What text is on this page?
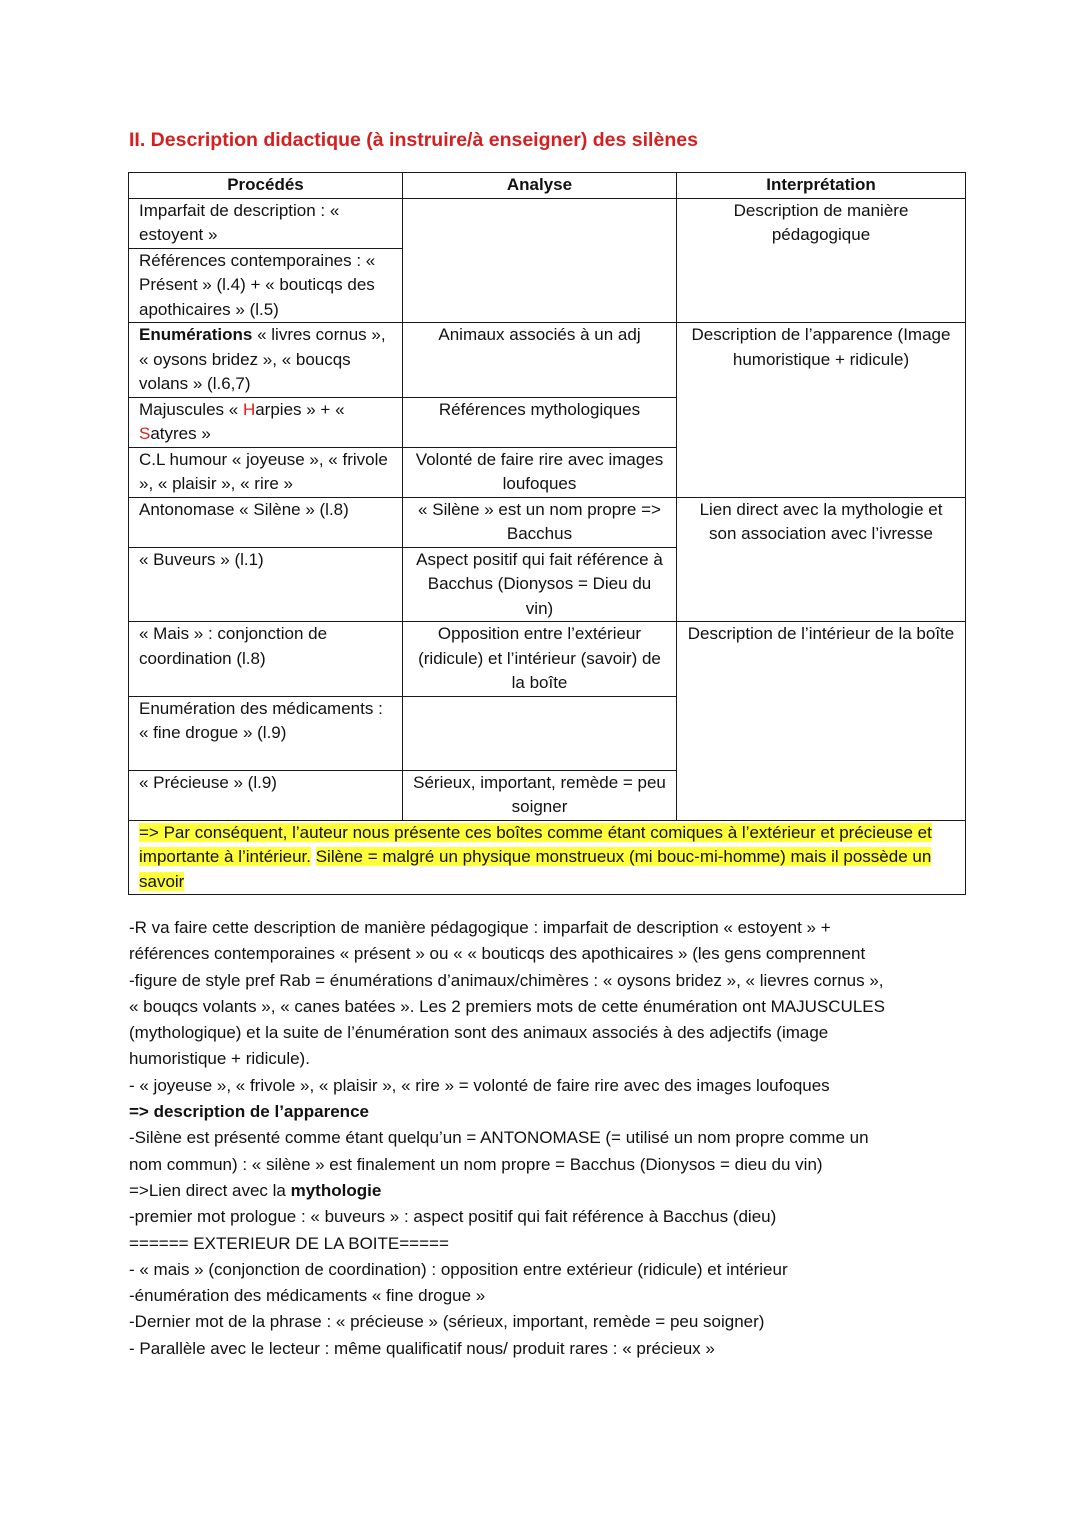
II. Description didactique (à instruire/à enseigner) des silènes
Procédés	Analyse	Interprétation
Imparfait de description : « estoyent »		Description de manière pédagogique
Références contemporaines : « Présent » (l.4) + « bouticqs des apothicaires » (l.5)		
Enumérations « livres cornus », « oysons bridez », « boucqs volans » (l.6,7)	Animaux associés à un adj	Description de l’apparence (Image humoristique + ridicule)
Majuscules « Harpies » + « Satyres »	Références mythologiques	
C.L humour « joyeuse », « frivole », « plaisir », « rire »	Volonté de faire rire avec images loufoques	
Antonomase « Silène » (l.8)	« Silène » est un nom propre => Bacchus	Lien direct avec la mythologie et son association avec l’ivresse
« Buveurs » (l.1)	Aspect positif qui fait référence à Bacchus (Dionysos = Dieu du vin)	
« Mais » : conjonction de coordination (l.8)	Opposition entre l’extérieur (ridicule) et l’intérieur (savoir) de la boîte	Description de l’intérieur de la boîte
Enumération des médicaments : « fine drogue » (l.9)		
« Précieuse » (l.9)	Sérieux, important, remède = peu soigner	
=> Par conséquent, l’auteur nous présente ces boîtes comme étant comiques à l’extérieur et précieuse et importante à l’intérieur. Silène = malgré un physique monstrueux (mi bouc-mi-homme) mais il possède un savoir		

-R va faire cette description de manière pédagogique : imparfait de description « estoyent » +

références contemporaines « présent » ou « « bouticqs des apothicaires » (les gens comprennent

-figure de style pref Rab = énumérations d’animaux/chimères : « oysons bridez », « lievres cornus »,

« bouqcs volants », « canes batées ». Les 2 premiers mots de cette énumération ont MAJUSCULES

(mythologique) et la suite de l’énumération sont des animaux associés à des adjectifs (image

humoristique + ridicule).

- « joyeuse », « frivole », « plaisir », « rire » = volonté de faire rire avec des images loufoques

=> description de l’apparence

-Silène est présenté comme étant quelqu’un = ANTONOMASE (= utilisé un nom propre comme un

nom commun) : « silène » est finalement un nom propre = Bacchus (Dionysos = dieu du vin)

=>Lien direct avec la mythologie

-premier mot prologue : « buveurs » : aspect positif qui fait référence à Bacchus (dieu)

====== EXTERIEUR DE LA BOITE=====

- « mais » (conjonction de coordination) : opposition entre extérieur (ridicule) et intérieur

-énumération des médicaments « fine drogue »

-Dernier mot de la phrase : « précieuse » (sérieux, important, remède = peu soigner)

- Parallèle avec le lecteur : même qualificatif nous/ produit rares : « précieux »
